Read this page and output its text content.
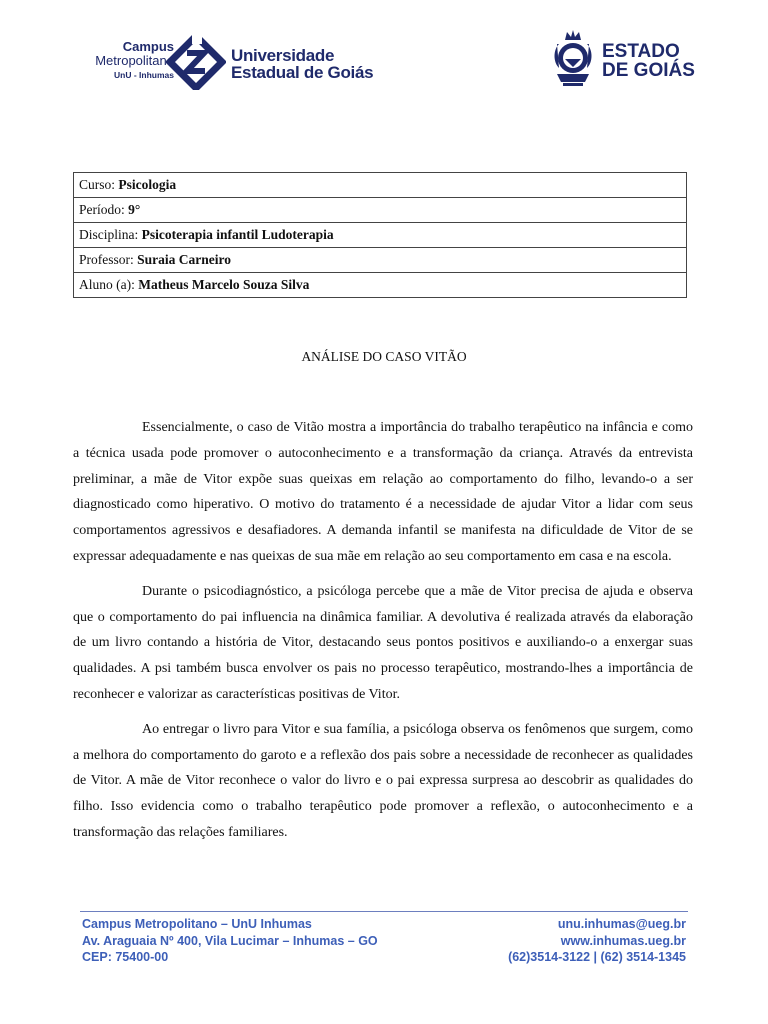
Campus
Metropolitano
UnU - Inhumas
Universidade
Estadual de Goiás
ESTADO
DE GOIÁS
Curso: Psicologia
Período: 9°
Disciplina: Psicoterapia infantil Ludoterapia
Professor: Suraia Carneiro
Aluno (a): Matheus Marcelo Souza Silva
ANÁLISE DO CASO VITÃO

Essencialmente, o caso de Vitão mostra a importância do trabalho terapêutico na infância e como a técnica usada pode promover o autoconhecimento e a transformação da criança. Através da entrevista preliminar, a mãe de Vitor expõe suas queixas em relação ao comportamento do filho, levando-o a ser diagnosticado como hiperativo. O motivo do tratamento é a necessidade de ajudar Vitor a lidar com seus comportamentos agressivos e desafiadores. A demanda infantil se manifesta na dificuldade de Vitor de se expressar adequadamente e nas queixas de sua mãe em relação ao seu comportamento em casa e na escola.

Durante o psicodiagnóstico, a psicóloga percebe que a mãe de Vitor precisa de ajuda e observa que o comportamento do pai influencia na dinâmica familiar. A devolutiva é realizada através da elaboração de um livro contando a história de Vitor, destacando seus pontos positivos e auxiliando-o a enxergar suas qualidades. A psi também busca envolver os pais no processo terapêutico, mostrando-lhes a importância de reconhecer e valorizar as características positivas de Vitor.

Ao entregar o livro para Vitor e sua família, a psicóloga observa os fenômenos que surgem, como a melhora do comportamento do garoto e a reflexão dos pais sobre a necessidade de reconhecer as qualidades de Vitor. A mãe de Vitor reconhece o valor do livro e o pai expressa surpresa ao descobrir as qualidades do filho. Isso evidencia como o trabalho terapêutico pode promover a reflexão, o autoconhecimento e a transformação das relações familiares.

Campus Metropolitano – UnU Inhumas
Av. Araguaia Nº 400, Vila Lucimar – Inhumas – GO
CEP: 75400-00
unu.inhumas@ueg.br
www.inhumas.ueg.br
(62)3514-3122 | (62) 3514-1345
